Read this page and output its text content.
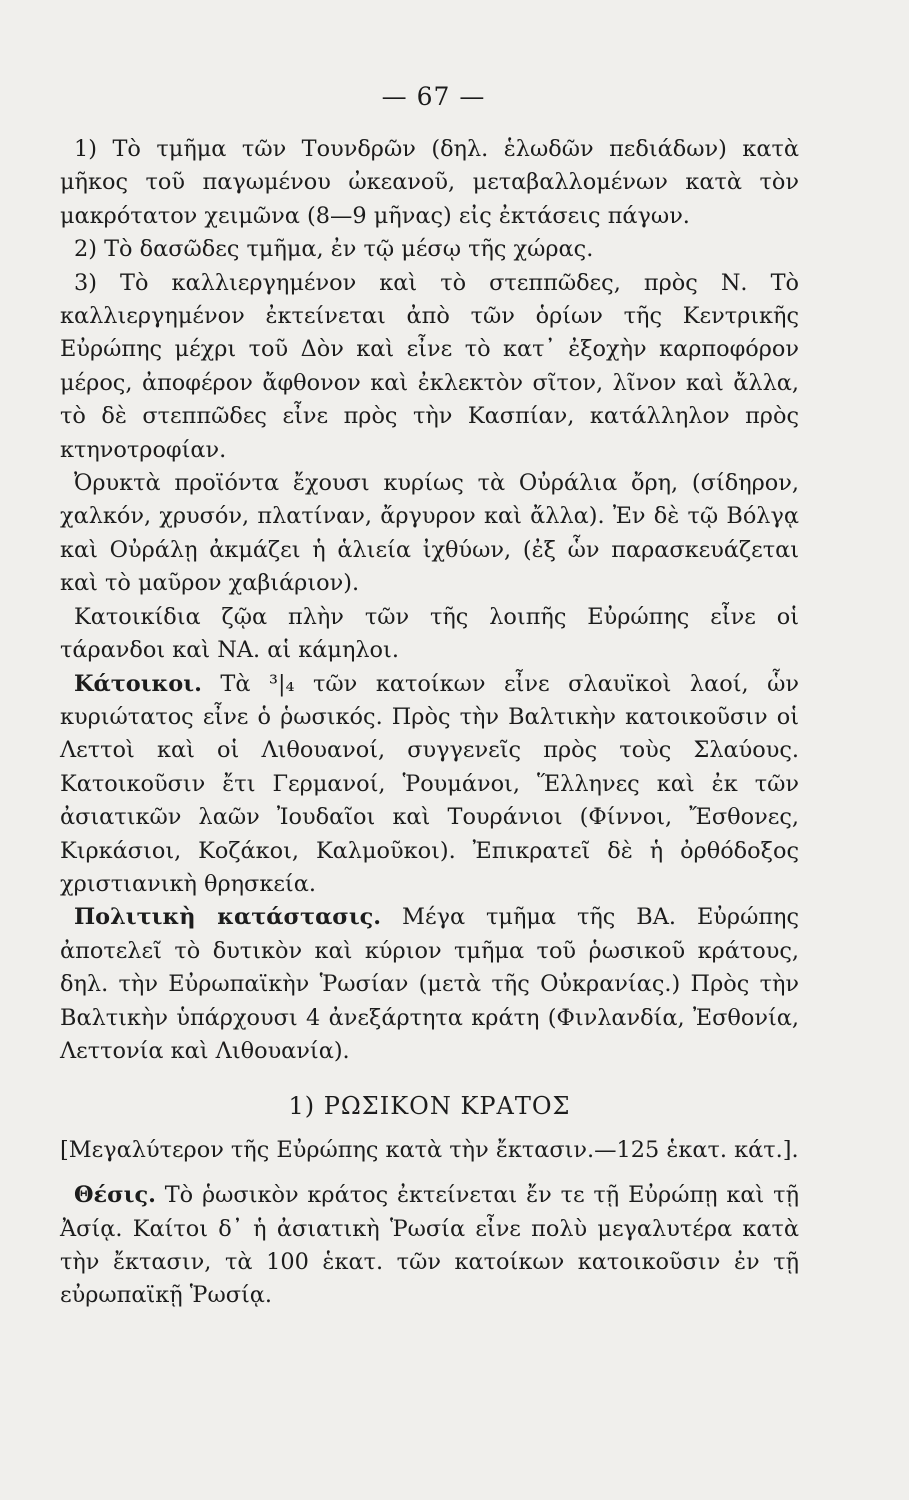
— 67 —

1) Τὸ τμῆμα τῶν Τουνδρῶν (δηλ. ἑλωδῶν πεδιάδων) κατὰ μῆκος τοῦ παγωμένου ὠκεανοῦ, μεταβαλλομένων κατὰ τὸν μακρότατον χειμῶνα (8—9 μῆνας) εἰς ἐκτάσεις πάγων.

2) Τὸ δασῶδες τμῆμα, ἐν τῷ μέσῳ τῆς χώρας.

3) Τὸ καλλιεργημένον καὶ τὸ στεππῶδες, πρὸς Ν. Τὸ καλλιεργημένον ἐκτείνεται ἀπὸ τῶν ὁρίων τῆς Κεντρικῆς Εὐρώπης μέχρι τοῦ Δὸν καὶ εἶνε τὸ κατ᾽ ἐξοχὴν καρποφόρον μέρος, ἀποφέρον ἄφθονον καὶ ἐκλεκτὸν σῖτον, λῖνον καὶ ἄλλα, τὸ δὲ στεππῶδες εἶνε πρὸς τὴν Κασπίαν, κατάλληλον πρὸς κτηνοτροφίαν.

Ὀρυκτὰ προϊόντα ἔχουσι κυρίως τὰ Οὐράλια ὄρη, (σίδηρον, χαλκόν, χρυσόν, πλατίναν, ἄργυρον καὶ ἄλλα). Ἐν δὲ τῷ Βόλγᾳ καὶ Οὐράλῃ ἀκμάζει ἡ ἁλιεία ἰχθύων, (ἐξ ὧν παρασκευάζεται καὶ τὸ μαῦρον χαβιάριον).

Κατοικίδια ζῷα πλὴν τῶν τῆς λοιπῆς Εὐρώπης εἶνε οἱ τάρανδοι καὶ ΝΑ. αἱ κάμηλοι.

Κάτοικοι. Τὰ ³|₄ τῶν κατοίκων εἶνε σλαυϊκοὶ λαοί, ὧν κυριώτατος εἶνε ὁ ῥωσικός. Πρὸς τὴν Βαλτικὴν κατοικοῦσιν οἱ Λεττοὶ καὶ οἱ Λιθουανοί, συγγενεῖς πρὸς τοὺς Σλαύους. Κατοικοῦσιν ἔτι Γερμανοί, Ῥουμάνοι, Ἕλληνες καὶ ἐκ τῶν ἀσιατικῶν λαῶν Ἰουδαῖοι καὶ Τουράνιοι (Φίννοι, Ἔσθονες, Κιρκάσιοι, Κοζάκοι, Καλμοῦκοι). Ἐπικρατεῖ δὲ ἡ ὀρθόδοξος χριστιανικὴ θρησκεία.

Πολιτικὴ κατάστασις. Μέγα τμῆμα τῆς ΒΑ. Εὐρώπης ἀποτελεῖ τὸ δυτικὸν καὶ κύριον τμῆμα τοῦ ῥωσικοῦ κράτους, δηλ. τὴν Εὐρωπαϊκὴν Ῥωσίαν (μετὰ τῆς Οὐκρανίας.) Πρὸς τὴν Βαλτικὴν ὑπάρχουσι 4 ἀνεξάρτητα κράτη (Φινλανδία, Ἐσθονία, Λεττονία καὶ Λιθουανία).

1) ΡΩΣΙΚΟΝ ΚΡΑΤΟΣ

[Μεγαλύτερον τῆς Εὐρώπης κατὰ τὴν ἔκτασιν.—125 ἑκατ. κάτ.].

Θέσις. Τὸ ῥωσικὸν κράτος ἐκτείνεται ἔν τε τῇ Εὐρώπῃ καὶ τῇ Ἀσίᾳ. Καίτοι δ᾽ ἡ ἀσιατικὴ Ῥωσία εἶνε πολὺ μεγαλυτέρα κατὰ τὴν ἔκτασιν, τὰ 100 ἑκατ. τῶν κατοίκων κατοικοῦσιν ἐν τῇ εὐρωπαϊκῇ Ῥωσίᾳ.
